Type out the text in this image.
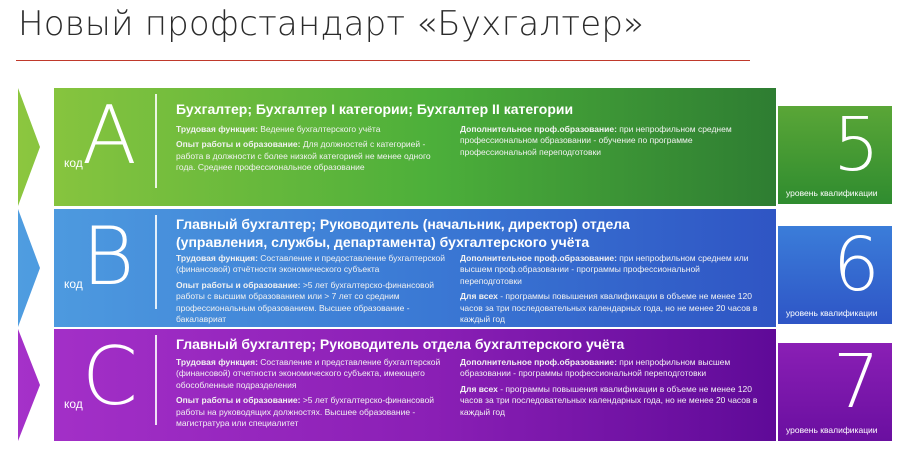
Новый профстандарт «Бухгалтер»
код A	Бухгалтер; Бухгалтер I категории; Бухгалтер II категории

Трудовая функция: Ведение бухгалтерского учёта

Опыт работы и образование: Для должностей с категорией - работа в должности с более низкой категорией не менее одного года. Среднее профессиональное образование

Дополнительное проф.образование: при непрофильном среднем профессиональном образовании - обучение по программе профессиональной переподготовки	5
уровень квалификации
код B	Главный бухгалтер; Руководитель (начальник, директор) отдела (управления, службы, департамента) бухгалтерского учёта

Трудовая функция: Составление и предоставление бухгалтерской (финансовой) отчётности экономического субъекта

Опыт работы и образование: >5 лет бухгалтерско-финансовой работы с высшим образованием или > 7 лет со средним профессиональным образованием. Высшее образование - бакалавриат

Дополнительное проф.образование: при непрофильном среднем или высшем проф.образовании - программы профессиональной переподготовки

Для всех - программы повышения квалификации в объеме не менее 120 часов за три последовательных календарных года, но не менее 20 часов в каждый год

6
уровень квалификации
код C	Главный бухгалтер; Руководитель отдела бухгалтерского учёта

Трудовая функция: Составление и представление бухгалтерской (финансовой) отчетности экономического субъекта, имеющего обособленные подразделения

Опыт работы и образование: >5 лет бухгалтерско-финансовой работы на руководящих должностях. Высшее образование - магистратура или специалитет

Дополнительное проф.образование: при непрофильном высшем образовании - программы профессиональной переподготовки

Для всех - программы повышения квалификации в объеме не менее 120 часов за три последовательных календарных года, но не менее 20 часов в каждый год	7
уровень квалификации
